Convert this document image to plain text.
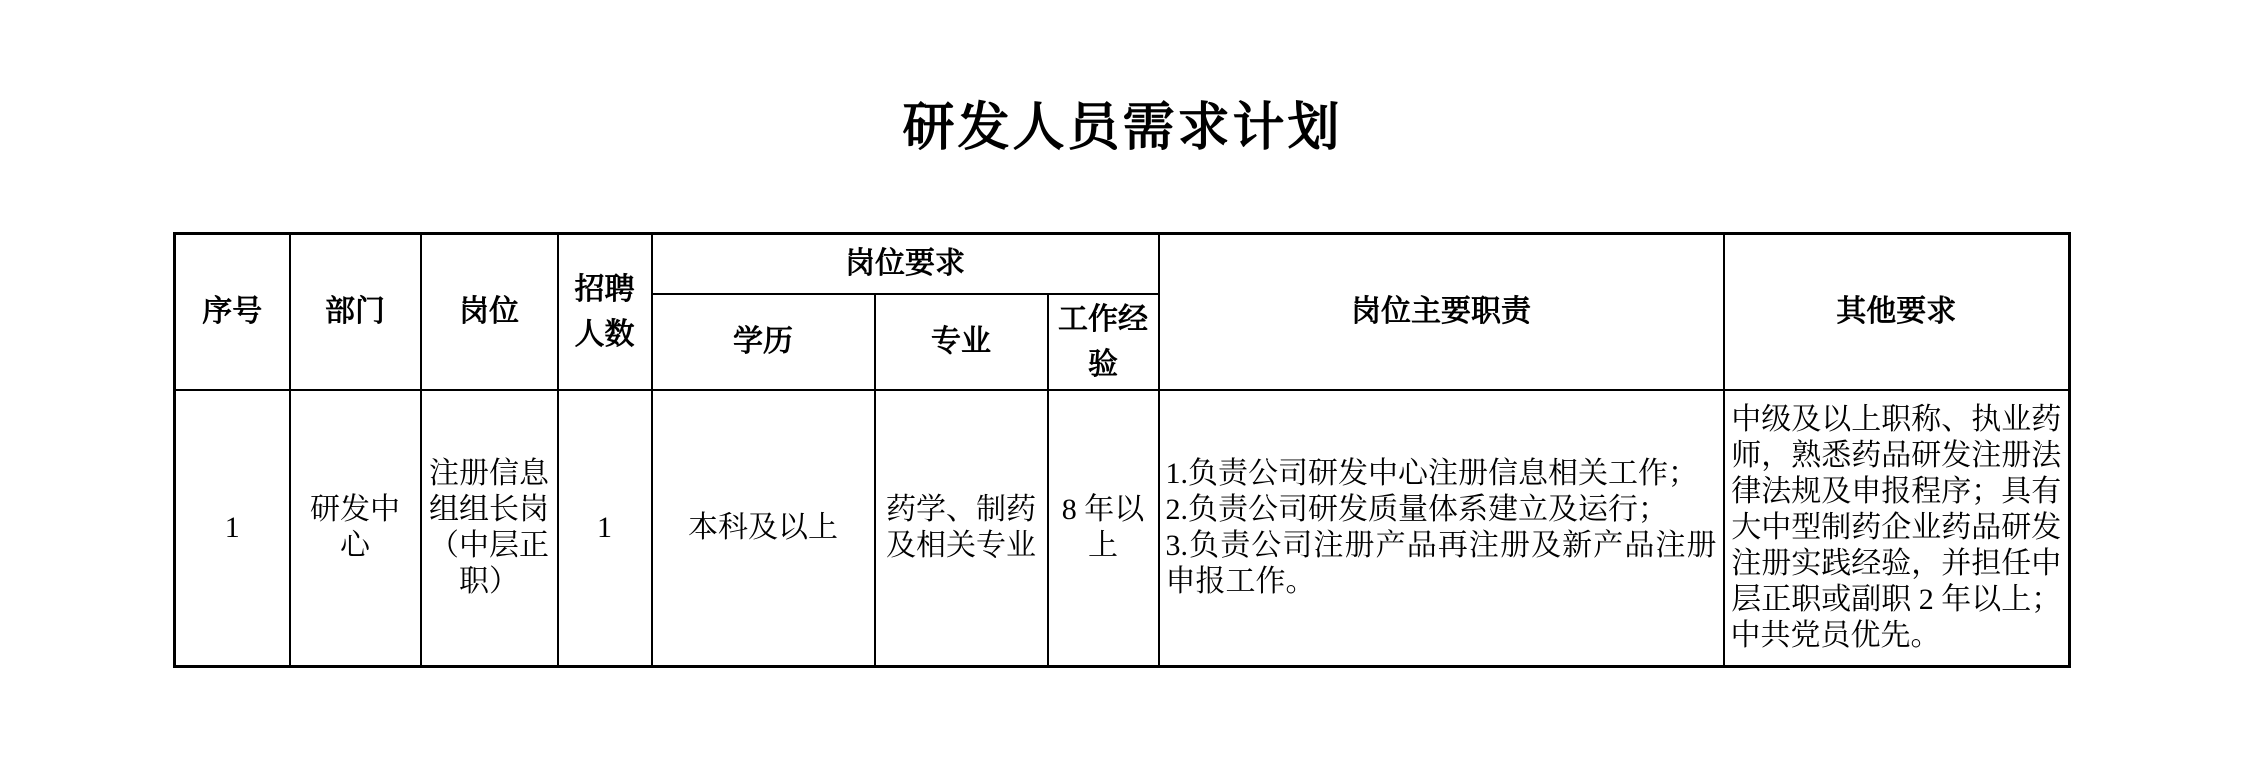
研发人员需求计划
序号	部门	岗位	招聘人数	岗位要求			岗位主要职责	其他要求
				学历	专业	工作经验		
1	研发中心	注册信息组组长岗（中层正职）	1	本科及以上	药学、制药及相关专业	8 年以上	1.负责公司研发中心注册信息相关工作；
2.负责公司研发质量体系建立及运行；
3.负责公司注册产品再注册及新产品注册申报工作。	中级及以上职称、执业药师，熟悉药品研发注册法律法规及申报程序；具有大中型制药企业药品研发注册实践经验，并担任中层正职或副职 2 年以上；中共党员优先。
